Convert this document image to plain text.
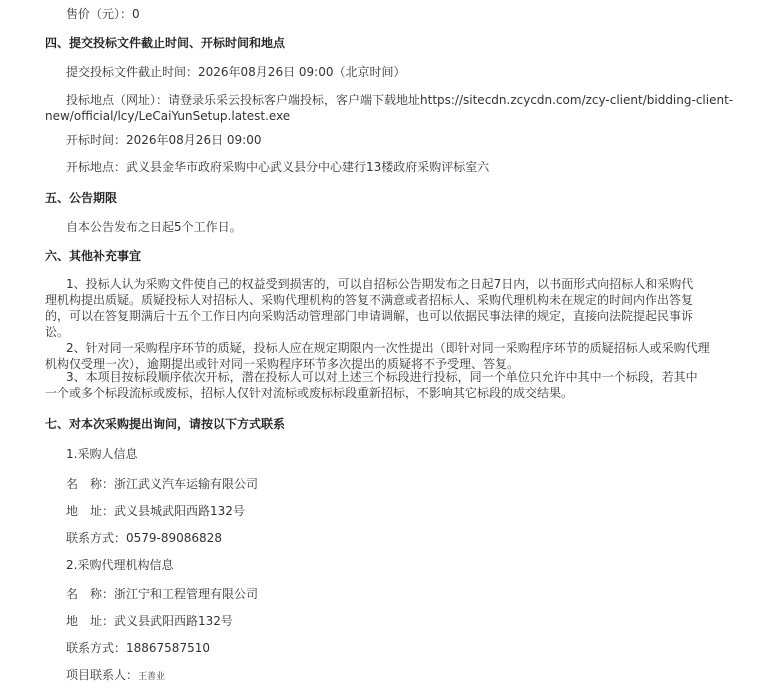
售价（元）：0
四、提交投标文件截止时间、开标时间和地点
提交投标文件截止时间：2026年08月26日 09:00（北京时间）
投标地点（网址）：请登录乐采云投标客户端投标，客户端下载地址https://sitecdn.zcycdn.com/zcy-client/bidding-client-
new/official/lcy/LeCaiYunSetup.latest.exe
开标时间：2026年08月26日 09:00
开标地点：武义县金华市政府采购中心武义县分中心建行13楼政府采购评标室六
五、公告期限
自本公告发布之日起5个工作日。
六、其他补充事宜
1、投标人认为采购文件使自己的权益受到损害的，可以自招标公告期发布之日起7日内，以书面形式向招标人和采购代
理机构提出质疑。质疑投标人对招标人、采购代理机构的答复不满意或者招标人、采购代理机构未在规定的时间内作出答复
的，可以在答复期满后十五个工作日内向采购活动管理部门申请调解，也可以依据民事法律的规定，直接向法院提起民事诉
讼。
2、针对同一采购程序环节的质疑，投标人应在规定期限内一次性提出（即针对同一采购程序环节的质疑招标人或采购代理
机构仅受理一次），逾期提出或针对同一采购程序环节多次提出的质疑将不予受理、答复。
3、本项目按标段顺序依次开标，潜在投标人可以对上述三个标段进行投标，同一个单位只允许中其中一个标段，若其中
一个或多个标段流标或废标，招标人仅针对流标或废标标段重新招标，不影响其它标段的成交结果。
七、对本次采购提出询问，请按以下方式联系
1.采购人信息
名　称：浙江武义汽车运输有限公司
地　址：武义县城武阳西路132号
联系方式：0579-89086828
2.采购代理机构信息
名　称：浙江宁和工程管理有限公司
地　址：武义县武阳西路132号
联系方式：18867587510
项目联系人：王善业
